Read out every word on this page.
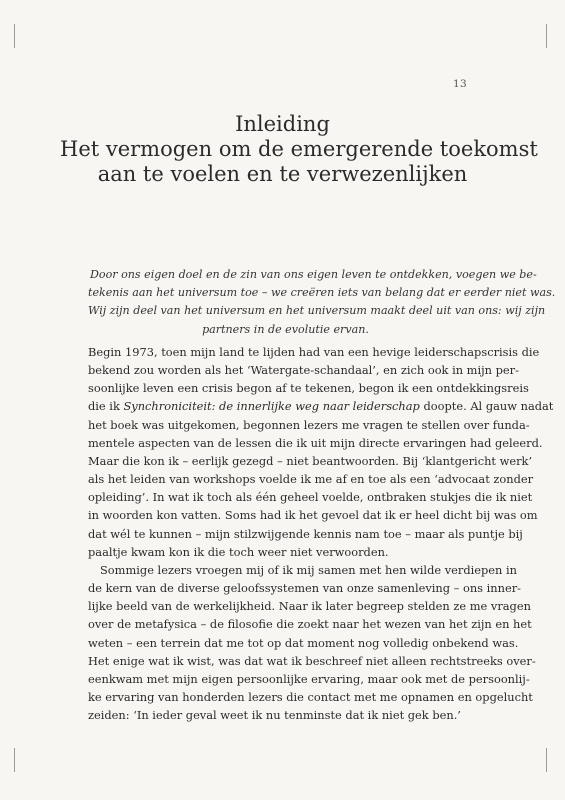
13
Inleiding
Het vermogen om de emergerende toekomst
aan te voelen en te verwezenlijken
Door ons eigen doel en de zin van ons eigen leven te ontdekken, voegen we be-
tekenis aan het universum toe – we creëren iets van belang dat er eerder niet was.
Wij zijn deel van het universum en het universum maakt deel uit van ons: wij zijn
partners in de evolutie ervan.
Begin 1973, toen mijn land te lijden had van een hevige leiderschapscrisis die
bekend zou worden als het ‘Watergate-schandaal’, en zich ook in mijn per-
soonlijke leven een crisis begon af te tekenen, begon ik een ontdekkingsreis
die ik Synchroniciteit: de innerlijke weg naar leiderschap doopte. Al gauw nadat
het boek was uitgekomen, begonnen lezers me vragen te stellen over funda-
mentele aspecten van de lessen die ik uit mijn directe ervaringen had geleerd.
Maar die kon ik – eerlijk gezegd – niet beantwoorden. Bij ‘klantgericht werk’
als het leiden van workshops voelde ik me af en toe als een ‘advocaat zonder
opleiding’. In wat ik toch als één geheel voelde, ontbraken stukjes die ik niet
in woorden kon vatten. Soms had ik het gevoel dat ik er heel dicht bij was om
dat wél te kunnen – mijn stilzwijgende kennis nam toe – maar als puntje bij
paaltje kwam kon ik die toch weer niet verwoorden.
Sommige lezers vroegen mij of ik mij samen met hen wilde verdiepen in
de kern van de diverse geloofssystemen van onze samenleving – ons inner-
lijke beeld van de werkelijkheid. Naar ik later begreep stelden ze me vragen
over de metafysica – de filosofie die zoekt naar het wezen van het zijn en het
weten – een terrein dat me tot op dat moment nog volledig onbekend was.
Het enige wat ik wist, was dat wat ik beschreef niet alleen rechtstreeks over-
eenkwam met mijn eigen persoonlijke ervaring, maar ook met de persoonlij-
ke ervaring van honderden lezers die contact met me opnamen en opgelucht
zeiden: ‘In ieder geval weet ik nu tenminste dat ik niet gek ben.’
